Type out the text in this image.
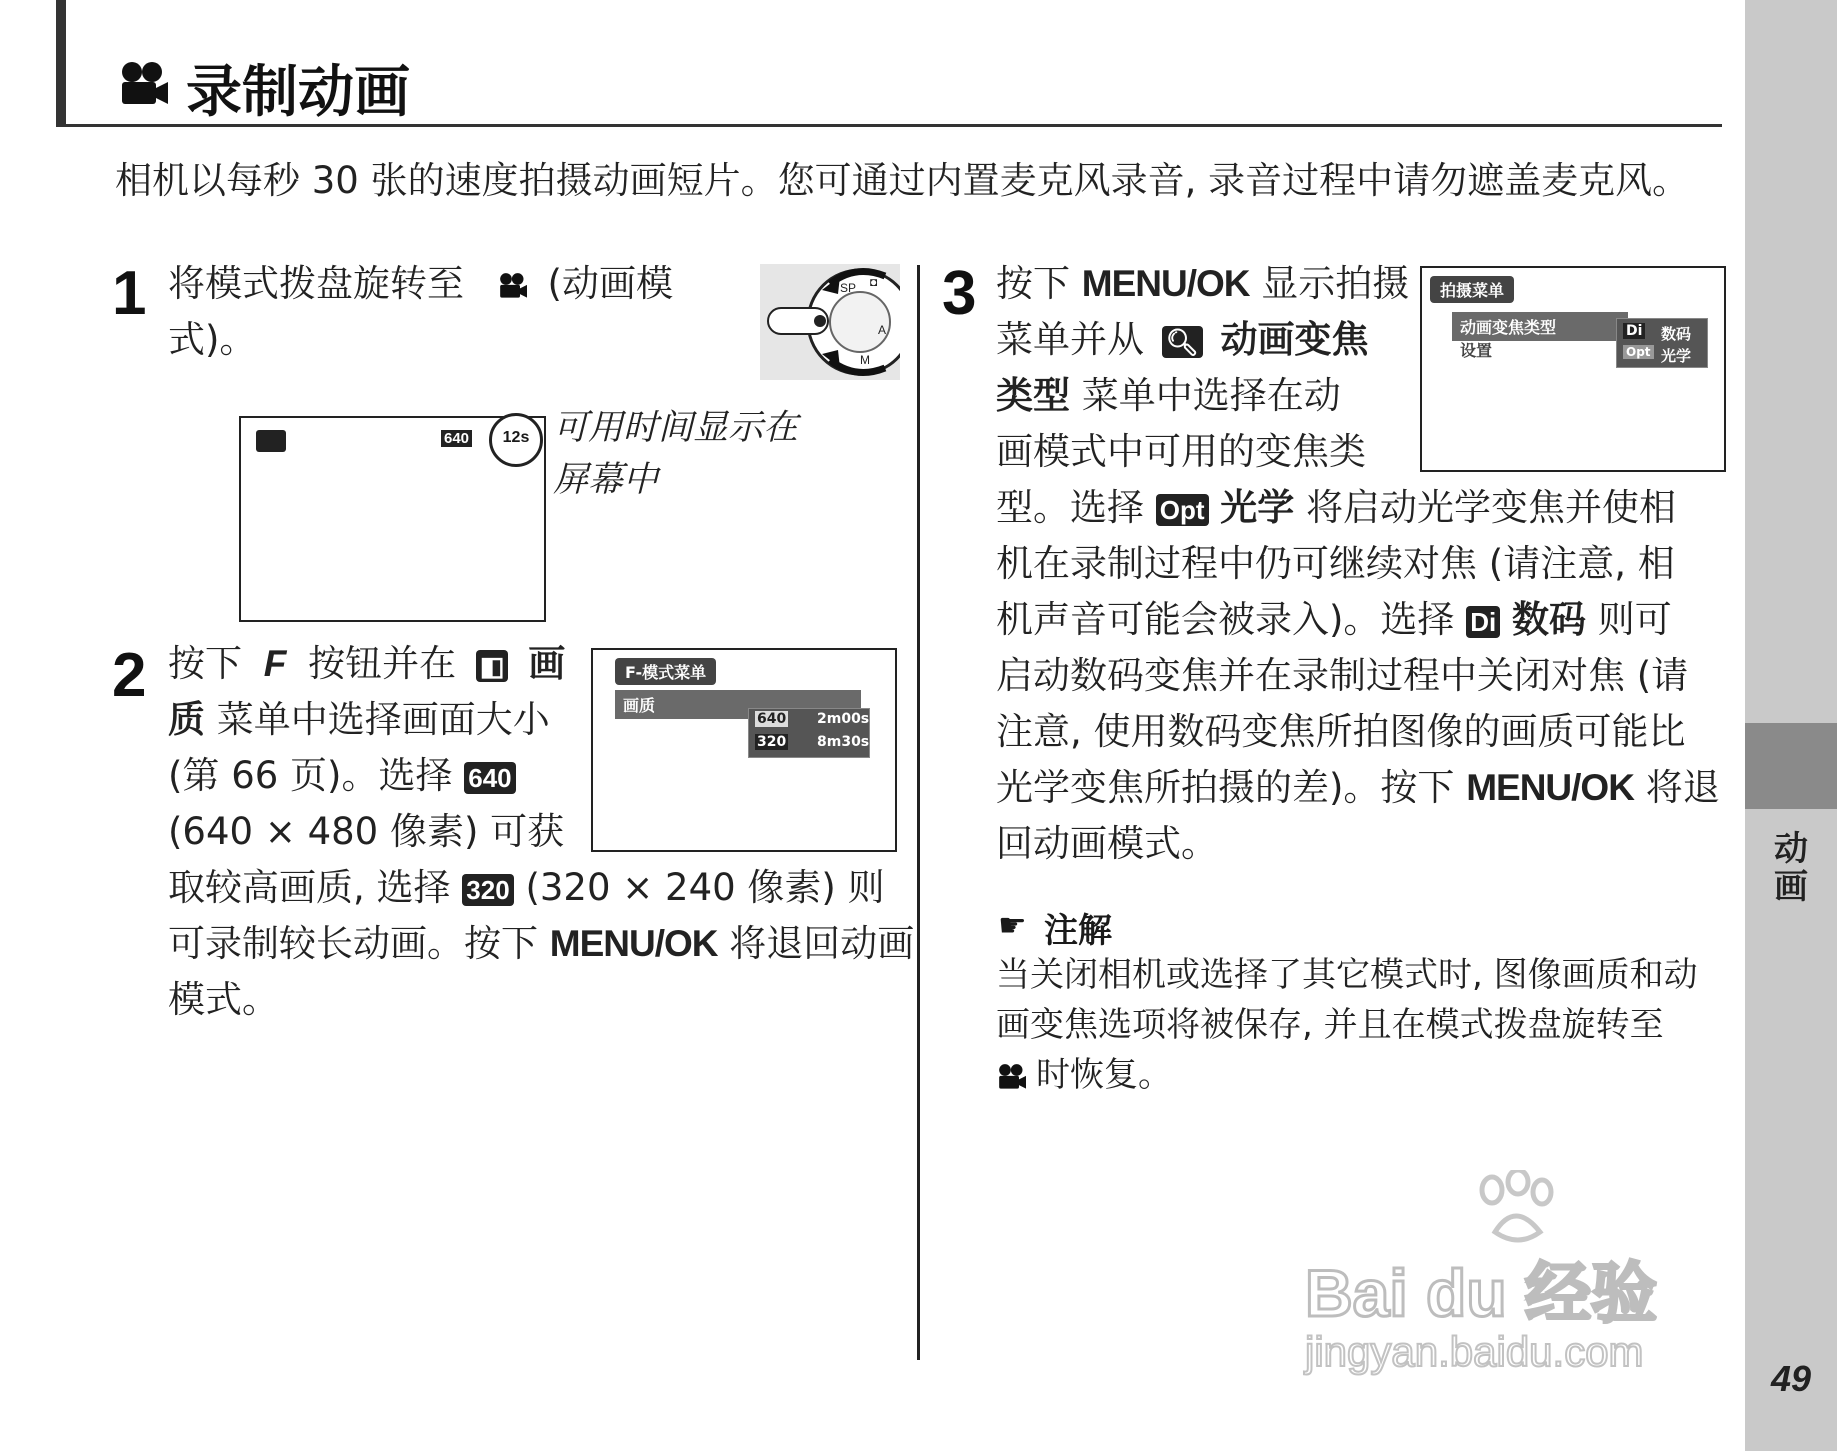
录制动画
相机以每秒 30 张的速度拍摄动画短片。您可通过内置麦克风录音, 录音过程中请勿遮盖麦克风。
1 将模式拨盘旋转至 (动画模
式)。
SP ◘
A
M
640	12s 可用时间显示在
屏幕中
2 按下 F 按钮并在 ◧ 画
质 菜单中选择画面大小
(第 66 页)。选择 640
(640 × 480 像素) 可获
取较高画质, 选择 320 (320 × 240 像素) 则
可录制较长动画。按下 MENU/OK 将退回动画
模式。
F-模式菜单
画质
640 2m00s
320 8m30s
3 按下 MENU/OK 显示拍摄
菜单并从 🔍︎ 动画变焦
类型 菜单中选择在动
画模式中可用的变焦类
型。选择 Opt 光学 将启动光学变焦并使相
机在录制过程中仍可继续对焦 (请注意, 相
机声音可能会被录入)。选择 Di 数码 则可
启动数码变焦并在录制过程中关闭对焦 (请
注意, 使用数码变焦所拍图像的画质可能比
光学变焦所拍摄的差)。按下 MENU/OK 将退
回动画模式。
拍摄菜单
动画变焦类型
设置
Di 数码
Opt 光学
☛ 注解
当关闭相机或选择了其它模式时, 图像画质和动
画变焦选项将被保存, 并且在模式拨盘旋转至
时恢复。
Bai du 经验
jingyan.baidu.com
动
画
49
